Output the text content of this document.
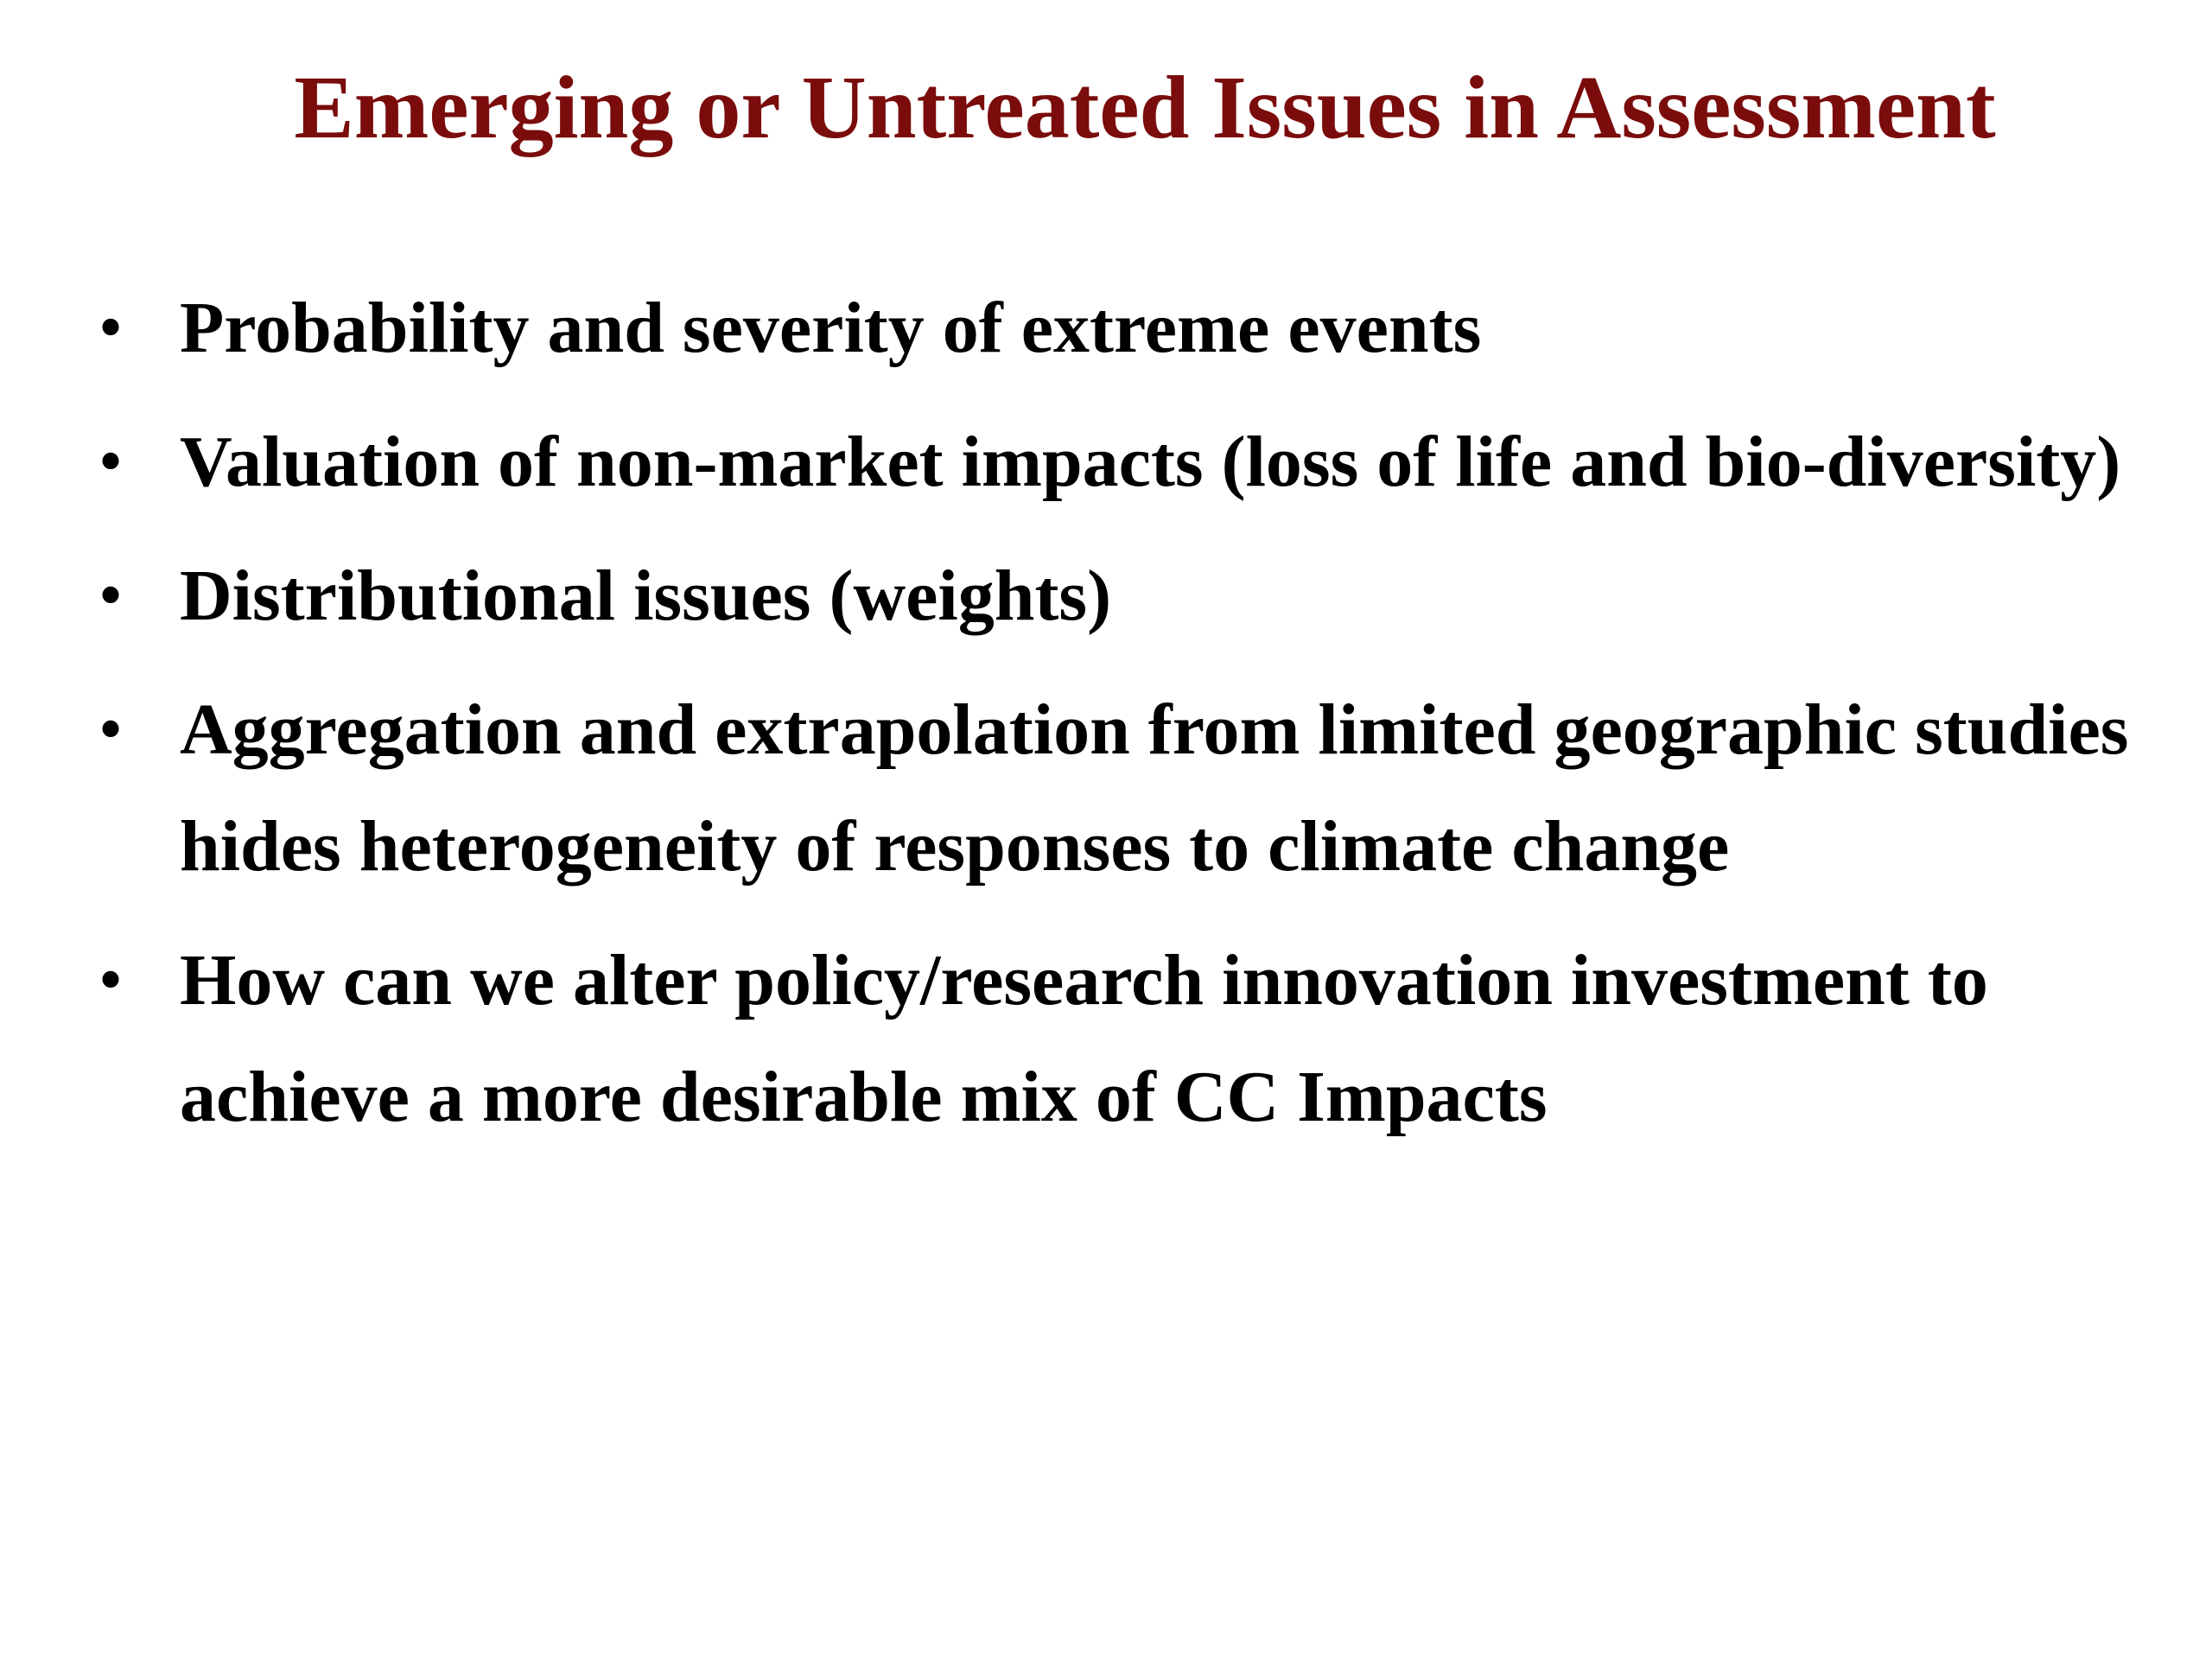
Emerging or Untreated Issues in Assessment
• Probability and severity of extreme events
• Valuation of non-market impacts (loss of life and bio-diversity)
• Distributional issues (weights)
• Aggregation and extrapolation from limited geographic studies
hides heterogeneity of responses to climate change
• How can we alter policy/research innovation investment to
achieve a more desirable mix of CC Impacts
